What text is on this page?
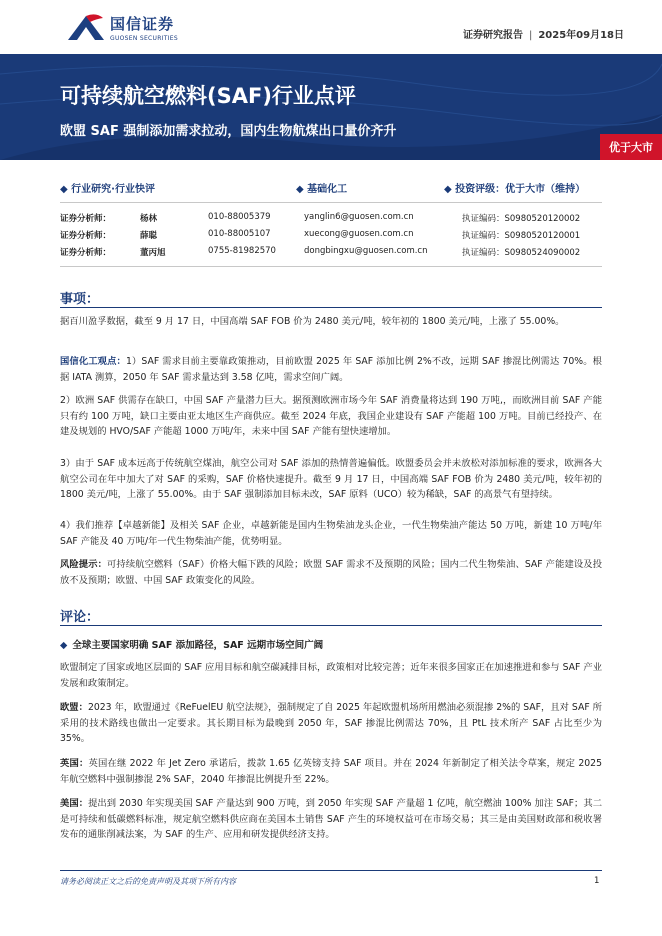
国信证券
GUOSEN SECURITIES	证券研究报告 | 2025年09月18日
可持续航空燃料(SAF)行业点评
欧盟 SAF 强制添加需求拉动，国内生物航煤出口量价齐升
优于大市
◆ 行业研究·行业快评	◆ 基础化工	◆ 投资评级：优于大市（维持）
证券分析师：	杨林	010-88005379	yanglin6@guosen.com.cn	执证编码：S0980520120002
证券分析师：	薛聪	010-88005107	xuecong@guosen.com.cn	执证编码：S0980520120001
证券分析师：	董丙旭	0755-81982570	dongbingxu@guosen.com.cn	执证编码：S0980524090002
事项：
据百川盈孚数据，截至 9 月 17 日，中国高端 SAF FOB 价为 2480 美元/吨，较年初的 1800 美元/吨，上涨了 55.00%。
国信化工观点：1）SAF 需求目前主要靠政策推动，目前欧盟 2025 年 SAF 添加比例 2%不改，远期 SAF 掺混比例需达 70%。根据 IATA 测算，2050 年 SAF 需求量达到 3.58 亿吨，需求空间广阔。
2）欧洲 SAF 供需存在缺口，中国 SAF 产量潜力巨大。据预测欧洲市场今年 SAF 消费量将达到 190 万吨,，而欧洲目前 SAF 产能只有约 100 万吨，缺口主要由亚太地区生产商供应。截至 2024 年底，我国企业建设有 SAF 产能超 100 万吨。目前已经投产、在建及规划的 HVO/SAF 产能超 1000 万吨/年，未来中国 SAF 产能有望快速增加。
3）由于 SAF 成本远高于传统航空煤油，航空公司对 SAF 添加的热情普遍偏低。欧盟委员会并未放松对添加标准的要求，欧洲各大航空公司在年中加大了对 SAF 的采购，SAF 价格快速提升。截至 9 月 17 日，中国高端 SAF FOB 价为 2480 美元/吨，较年初的 1800 美元/吨，上涨了 55.00%。由于 SAF 强制添加目标未改，SAF 原料（UCO）较为稀缺，SAF 的高景气有望持续。
4）我们推荐【卓越新能】及相关 SAF 企业，卓越新能是国内生物柴油龙头企业，一代生物柴油产能达 50 万吨，新建 10 万吨/年 SAF 产能及 40 万吨/年一代生物柴油产能，优势明显。
风险提示：可持续航空燃料（SAF）价格大幅下跌的风险；欧盟 SAF 需求不及预期的风险；国内二代生物柴油、SAF 产能建设及投放不及预期；欧盟、中国 SAF 政策变化的风险。
评论：
◆ 全球主要国家明确 SAF 添加路径，SAF 远期市场空间广阔
欧盟制定了国家或地区层面的 SAF 应用目标和航空碳减排目标，政策相对比较完善；近年来很多国家正在加速推进和参与 SAF 产业发展和政策制定。
欧盟：2023 年，欧盟通过《ReFuelEU 航空法规》，强制规定了自 2025 年起欧盟机场所用燃油必须混掺 2%的 SAF，且对 SAF 所采用的技术路线也做出一定要求。其长期目标为最晚到 2050 年，SAF 掺混比例需达 70%，且 PtL 技术所产 SAF 占比至少为 35%。
英国：英国在继 2022 年 Jet Zero 承诺后，拨款 1.65 亿英镑支持 SAF 项目。并在 2024 年新制定了相关法令草案，规定 2025 年航空燃料中强制掺混 2% SAF，2040 年掺混比例提升至 22%。
美国：提出到 2030 年实现美国 SAF 产量达到 900 万吨，到 2050 年实现 SAF 产量超 1 亿吨，航空燃油 100% 加注 SAF；其二是可持续和低碳燃料标准，规定航空燃料供应商在美国本土销售 SAF 产生的环境权益可在市场交易；其三是由美国财政部和税收署发布的通胀削减法案，为 SAF 的生产、应用和研发提供经济支持。
请务必阅读正文之后的免责声明及其项下所有内容	1
